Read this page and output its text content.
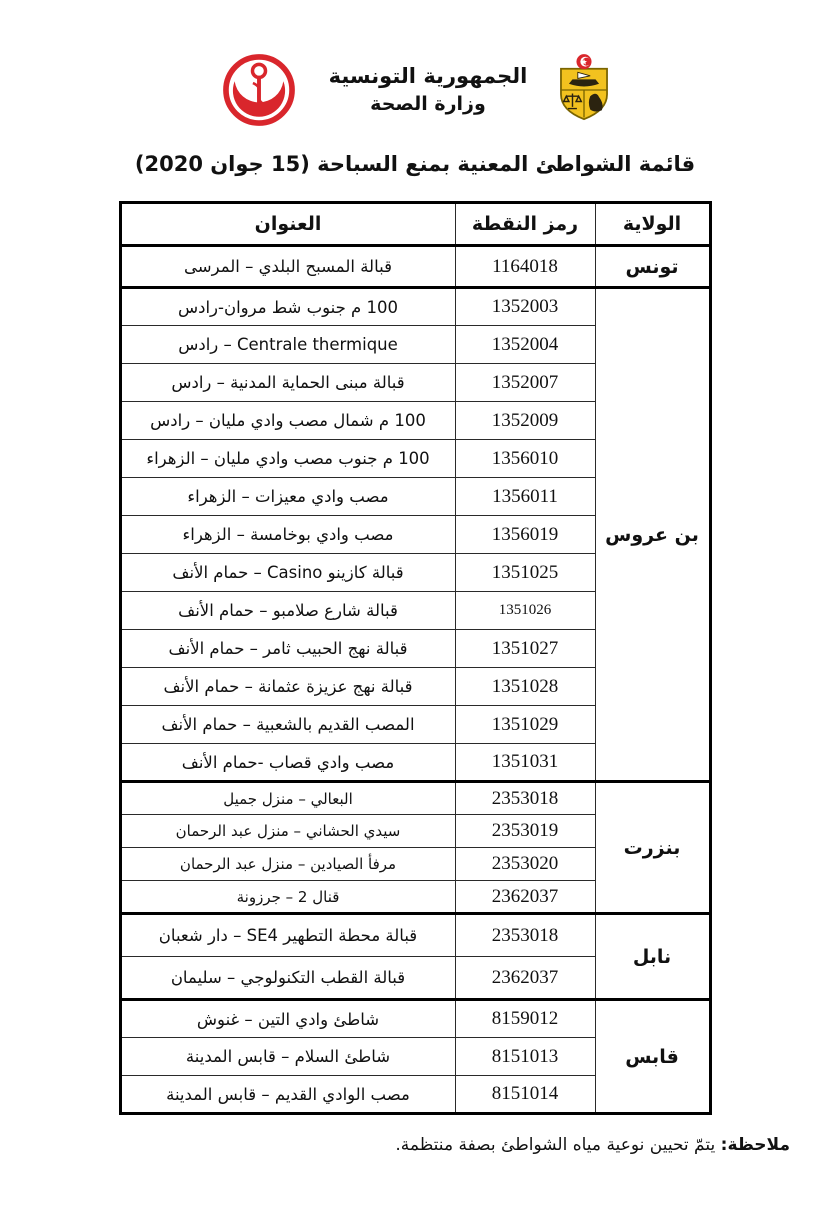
الجمهورية التونسية
وزارة الصحة
قائمة الشواطئ المعنية بمنع السباحة (15 جوان 2020)
الولاية	رمز النقطة	العنوان
تونس	1164018	قبالة المسبح البلدي – المرسى
بن عروس	1352003	100 م جنوب شط مروان-رادس
	1352004	Centrale thermique – رادس
	1352007	قبالة مبنى الحماية المدنية – رادس
	1352009	100 م شمال مصب وادي مليان – رادس
	1356010	100 م جنوب مصب وادي مليان – الزهراء
	1356011	مصب وادي معيزات – الزهراء
	1356019	مصب وادي بوخامسة – الزهراء
	1351025	قبالة كازينو Casino – حمام الأنف
	1351026	قبالة شارع صلامبو – حمام الأنف
	1351027	قبالة نهج الحبيب ثامر – حمام الأنف
	1351028	قبالة نهج عزيزة عثمانة – حمام الأنف
	1351029	المصب القديم بالشعبية – حمام الأنف
	1351031	مصب وادي قصاب -حمام الأنف
بنزرت	2353018	البعالي – منزل جميل
	2353019	سيدي الحشاني – منزل عبد الرحمان
	2353020	مرفأ الصيادين – منزل عبد الرحمان
	2362037	قنال 2 – جرزونة
نابل	2353018	قبالة محطة التطهير SE4 – دار شعبان
	2362037	قبالة القطب التكنولوجي – سليمان
قابس	8159012	شاطئ وادي التين – غنوش
	8151013	شاطئ السلام – قابس المدينة
	8151014	مصب الوادي القديم – قابس المدينة
ملاحظة: يتمّ تحيين نوعية مياه الشواطئ بصفة منتظمة.
